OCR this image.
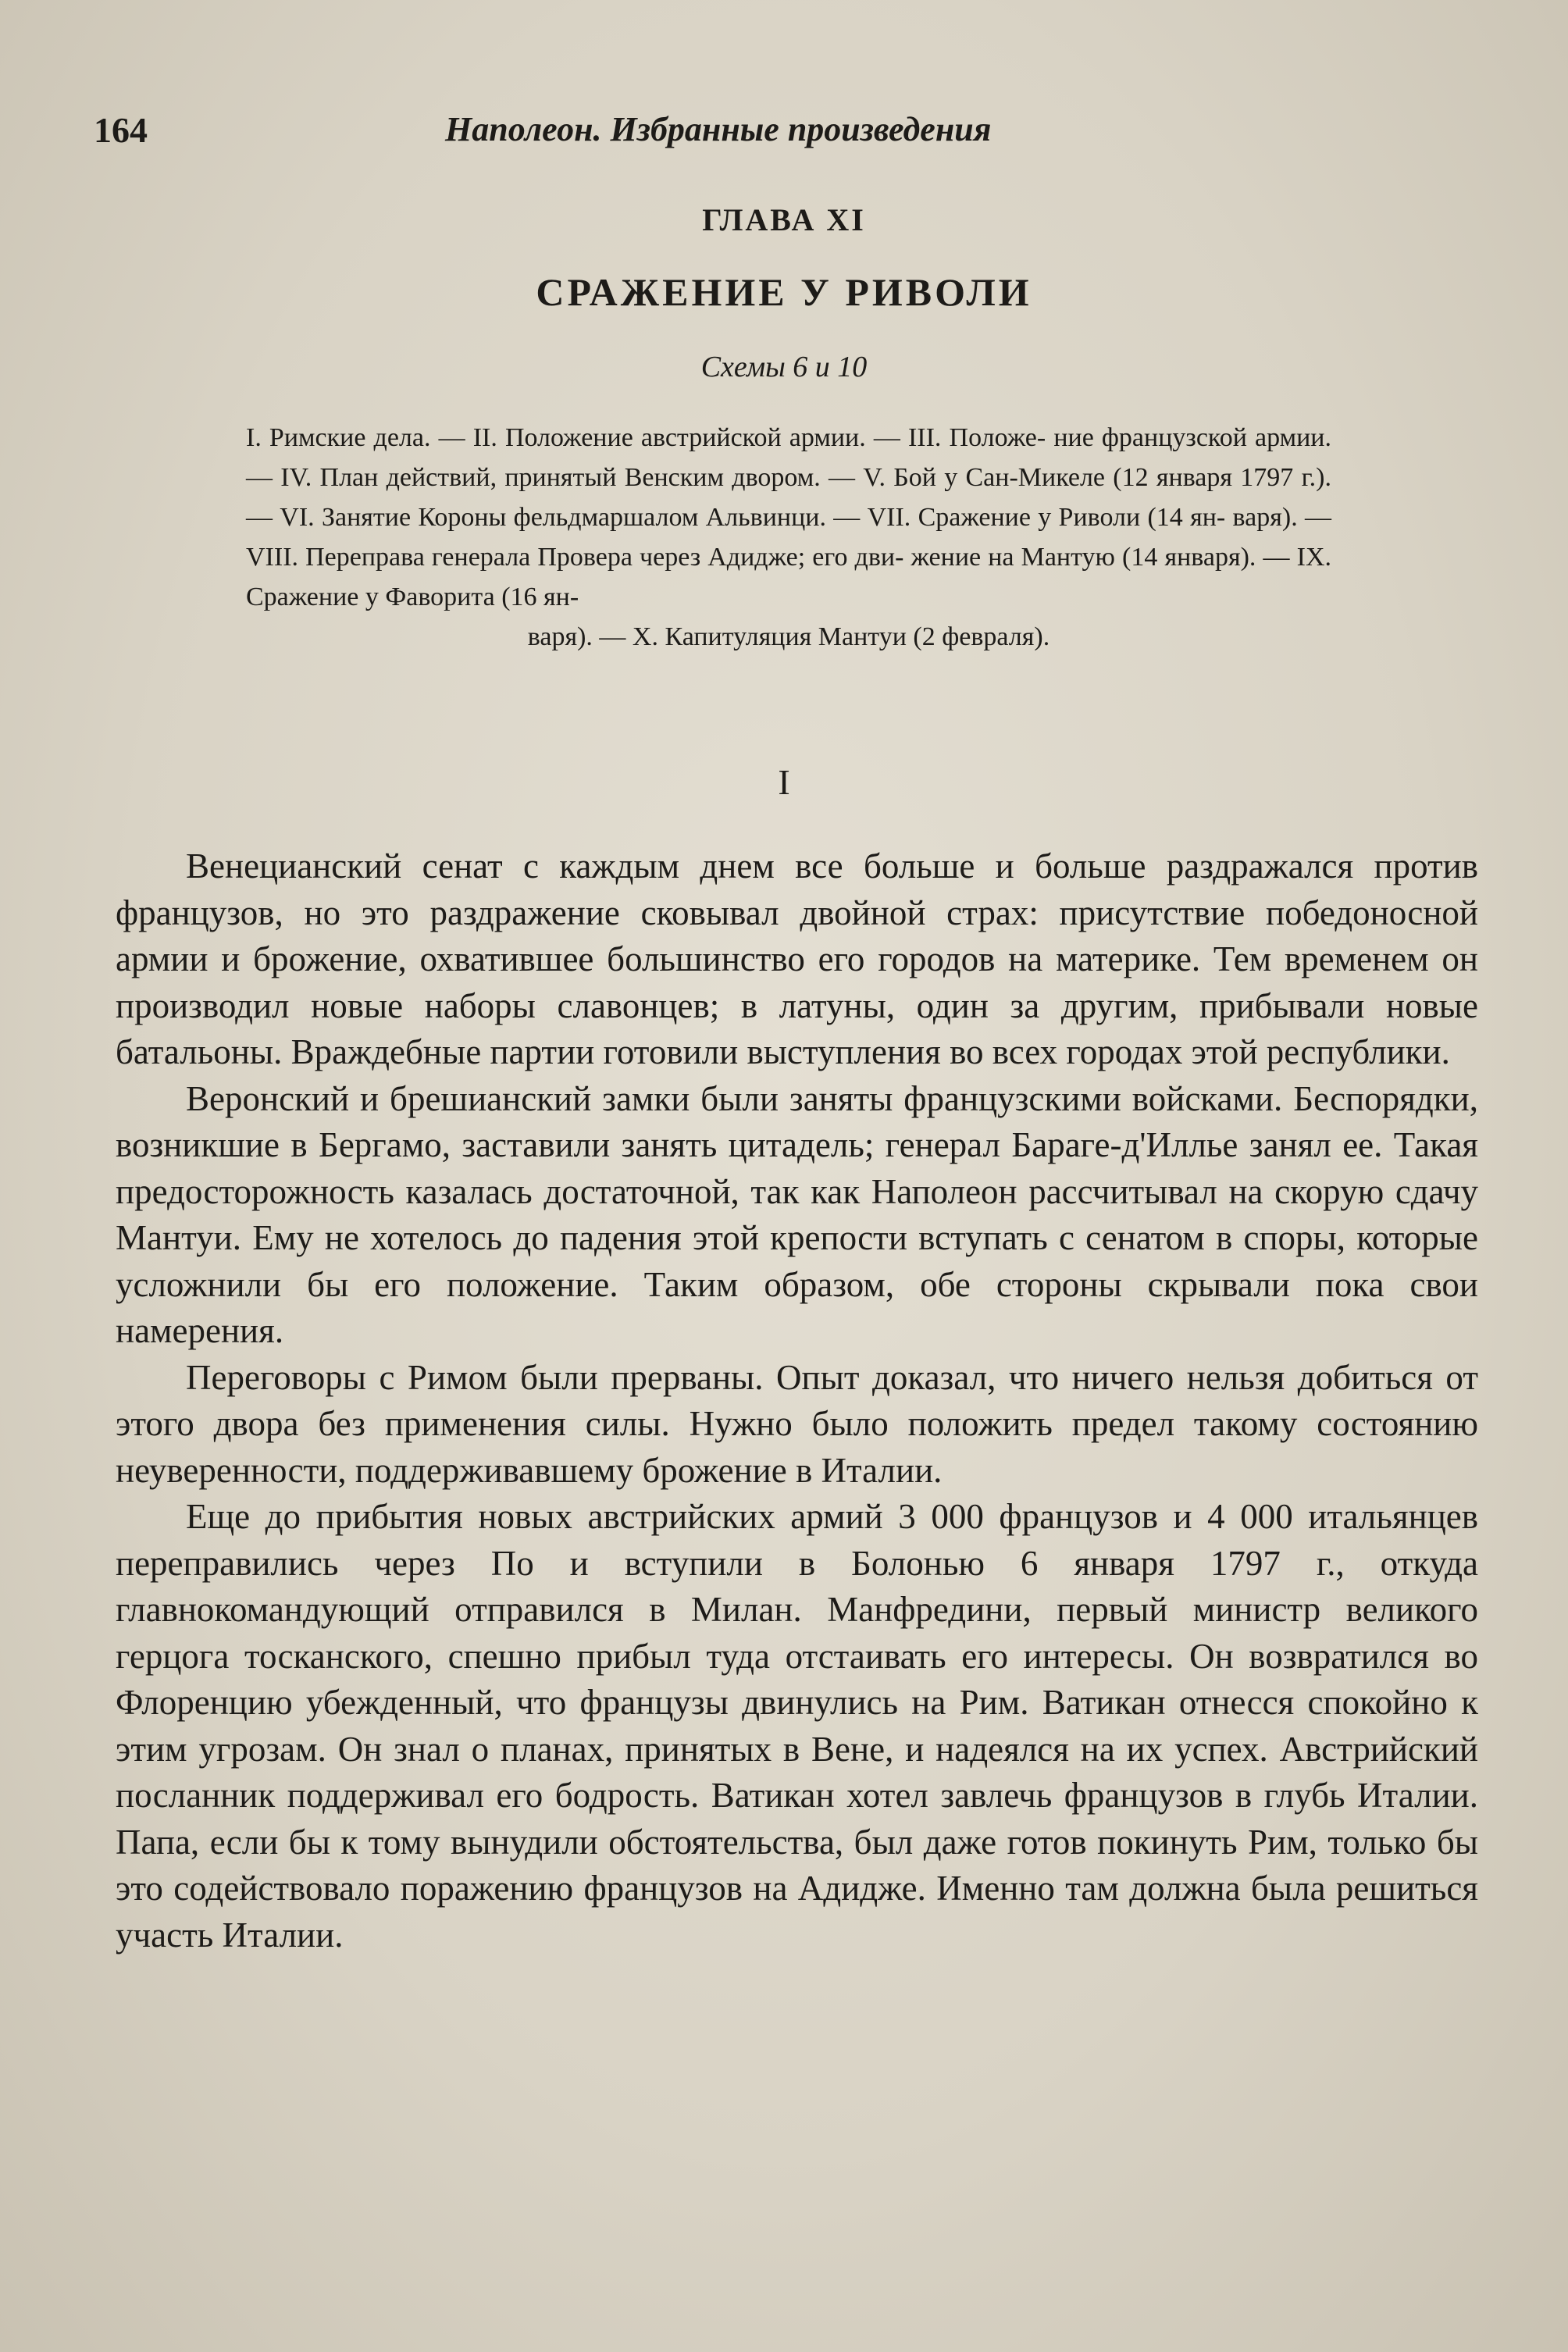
164	Наполеон. Избранные произведения
ГЛАВА XI
СРАЖЕНИЕ У РИВОЛИ
Схемы 6 и 10
I. Римские дела. — II. Положение австрийской армии. — III. Положе- ние французской армии. — IV. План действий, принятый Венским двором. — V. Бой у Сан-Микеле (12 января 1797 г.). — VI. Занятие Короны фельдмаршалом Альвинци. — VII. Сражение у Риволи (14 ян- варя). — VIII. Переправа генерала Провера через Адидже; его дви- жение на Мантую (14 января). — IX. Сражение у Фаворита (16 ян-
варя). — X. Капитуляция Мантуи (2 февраля).
I

Венецианский сенат с каждым днем все больше и больше раздражался против французов, но это раздражение сковывал двойной страх: присутствие победоносной армии и брожение, охватившее большинство его городов на материке. Тем временем он производил новые наборы славонцев; в латуны, один за другим, прибывали новые батальоны. Враждебные партии готовили выступления во всех городах этой республики.

Веронский и брешианский замки были заняты французскими войсками. Беспорядки, возникшие в Бергамо, заставили занять цитадель; генерал Бараге-д'Илльe занял ее. Такая предосторожность казалась достаточной, так как Наполеон рассчитывал на скорую сдачу Мантуи. Ему не хотелось до падения этой крепости вступать с сенатом в споры, которые усложнили бы его положение. Таким образом, обе стороны скрывали пока свои намерения.

Переговоры с Римом были прерваны. Опыт доказал, что ничего нельзя добиться от этого двора без применения силы. Нужно было положить предел такому состоянию неуверенности, поддерживавшему брожение в Италии.

Еще до прибытия новых австрийских армий 3 000 французов и 4 000 итальянцев переправились через По и вступили в Болонью 6 января 1797 г., откуда главнокомандующий отправился в Милан. Манфредини, первый министр великого герцога тосканского, спешно прибыл туда отстаивать его интересы. Он возвратился во Флоренцию убежденный, что французы двинулись на Рим. Ватикан отнесся спокойно к этим угрозам. Он знал о планах, принятых в Вене, и надеялся на их успех. Австрийский посланник поддерживал его бодрость. Ватикан хотел завлечь французов в глубь Италии. Папа, если бы к тому вынудили обстоятельства, был даже готов покинуть Рим, только бы это содействовало поражению французов на Адидже. Именно там должна была решиться участь Италии.
